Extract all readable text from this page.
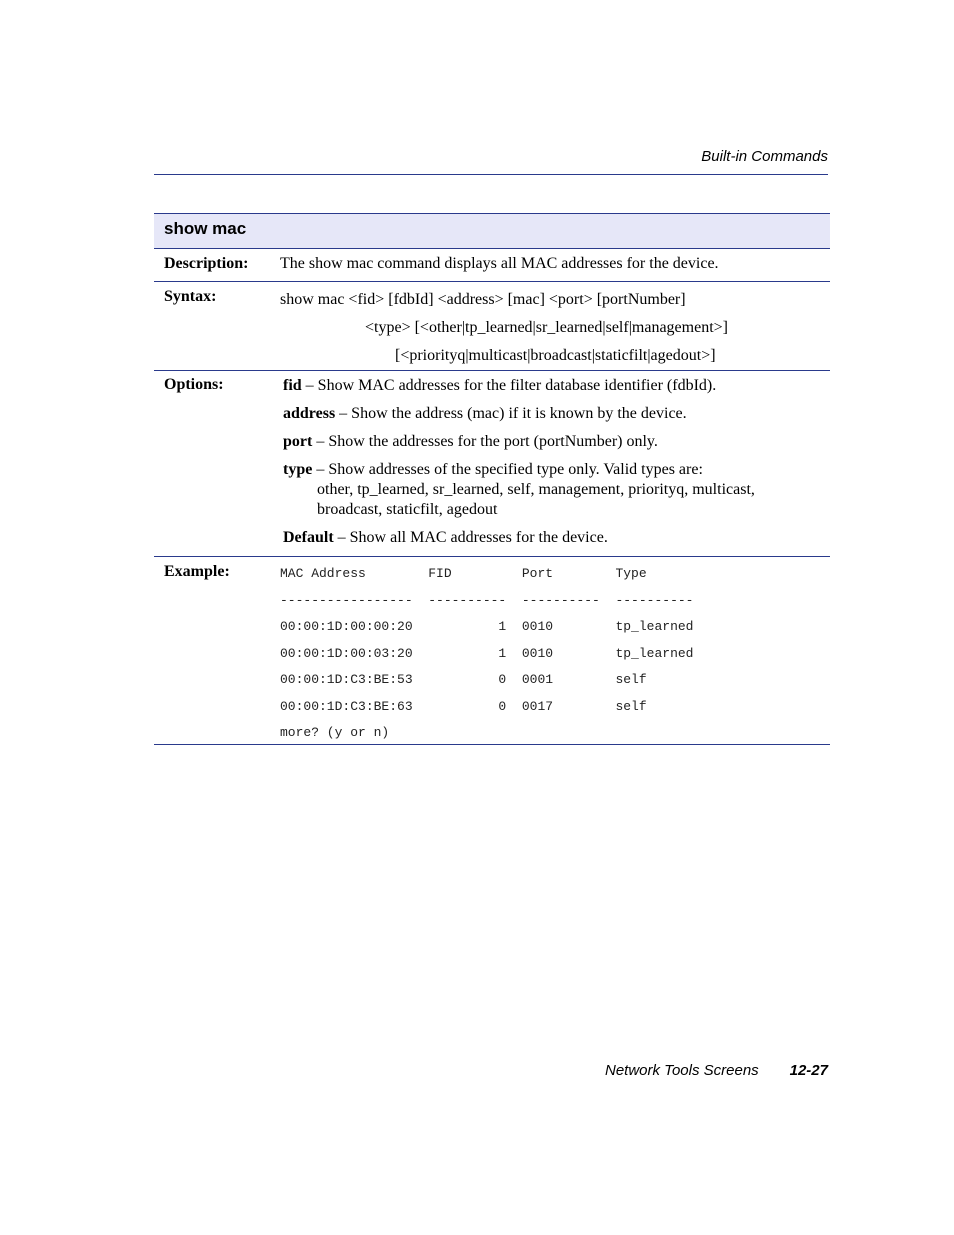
Built-in Commands
show mac
Description:	The show mac command displays all MAC addresses for the device.
Syntax:	show mac <fid> [fdbId] <address> [mac] <port> [portNumber]
<type> [<other|tp_learned|sr_learned|self|management>]
[<priorityq|multicast|broadcast|staticfilt|agedout>]
Options:	fid – Show MAC addresses for the filter database identifier (fdbId).
address – Show the address (mac) if it is known by the device.
port – Show the addresses for the port (portNumber) only.
type – Show addresses of the specified type only. Valid types are:
other, tp_learned, sr_learned, self, management, priorityq, multicast,
broadcast, staticfilt, agedout
Default – Show all MAC addresses for the device.
Example:	MAC Address        FID         Port        Type
-----------------  ----------  ----------  ----------
00:00:1D:00:00:20           1  0010        tp_learned
00:00:1D:00:03:20           1  0010        tp_learned
00:00:1D:C3:BE:53           0  0001        self
00:00:1D:C3:BE:63           0  0017        self
more? (y or n)
Network Tools Screens 12-27
